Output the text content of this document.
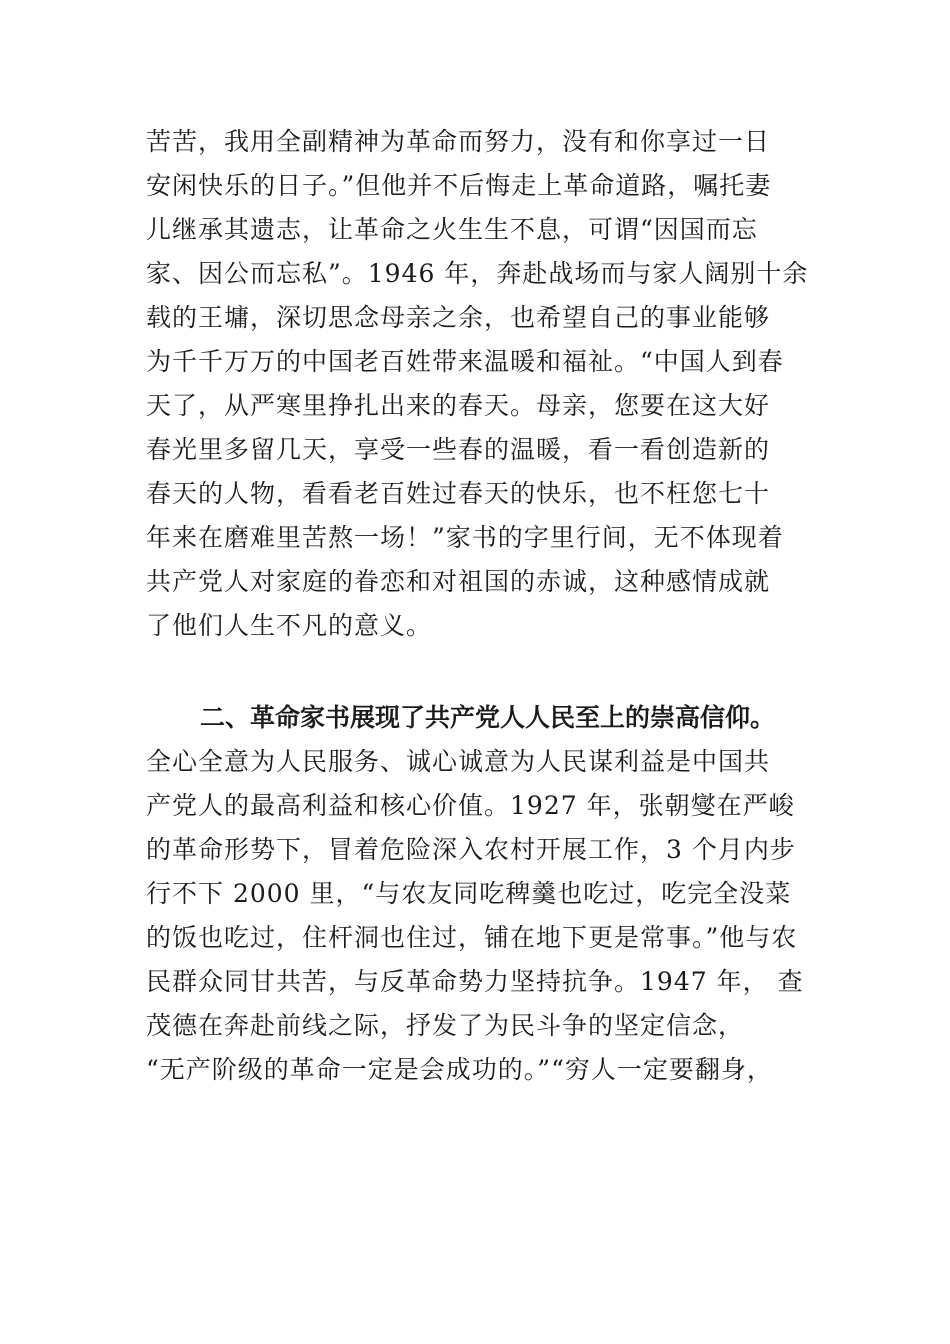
苦苦，我用全副精神为革命而努力，没有和你享过一日
安闲快乐的日子。”但他并不后悔走上革命道路，嘱托妻
儿继承其遗志，让革命之火生生不息，可谓“因国而忘
家、因公而忘私”。1946 年，奔赴战场而与家人阔别十余
载的王墉，深切思念母亲之余，也希望自己的事业能够
为千千万万的中国老百姓带来温暖和福祉。“中国人到春
天了，从严寒里挣扎出来的春天。母亲，您要在这大好
春光里多留几天，享受一些春的温暖，看一看创造新的
春天的人物，看看老百姓过春天的快乐，也不枉您七十
年来在磨难里苦熬一场！”家书的字里行间，无不体现着
共产党人对家庭的眷恋和对祖国的赤诚，这种感情成就
了他们人生不凡的意义。
二、革命家书展现了共产党人人民至上的崇高信仰。
全心全意为人民服务、诚心诚意为人民谋利益是中国共
产党人的最高利益和核心价值。1927 年，张朝燮在严峻
的革命形势下，冒着危险深入农村开展工作，3 个月内步
行不下 2000 里，“与农友同吃稗羹也吃过，吃完全没菜
的饭也吃过，住杆洞也住过，铺在地下更是常事。”他与农
民群众同甘共苦，与反革命势力坚持抗争。1947 年， 查
茂德在奔赴前线之际，抒发了为民斗争的坚定信念，
“无产阶级的革命一定是会成功的。”“穷人一定要翻身，
